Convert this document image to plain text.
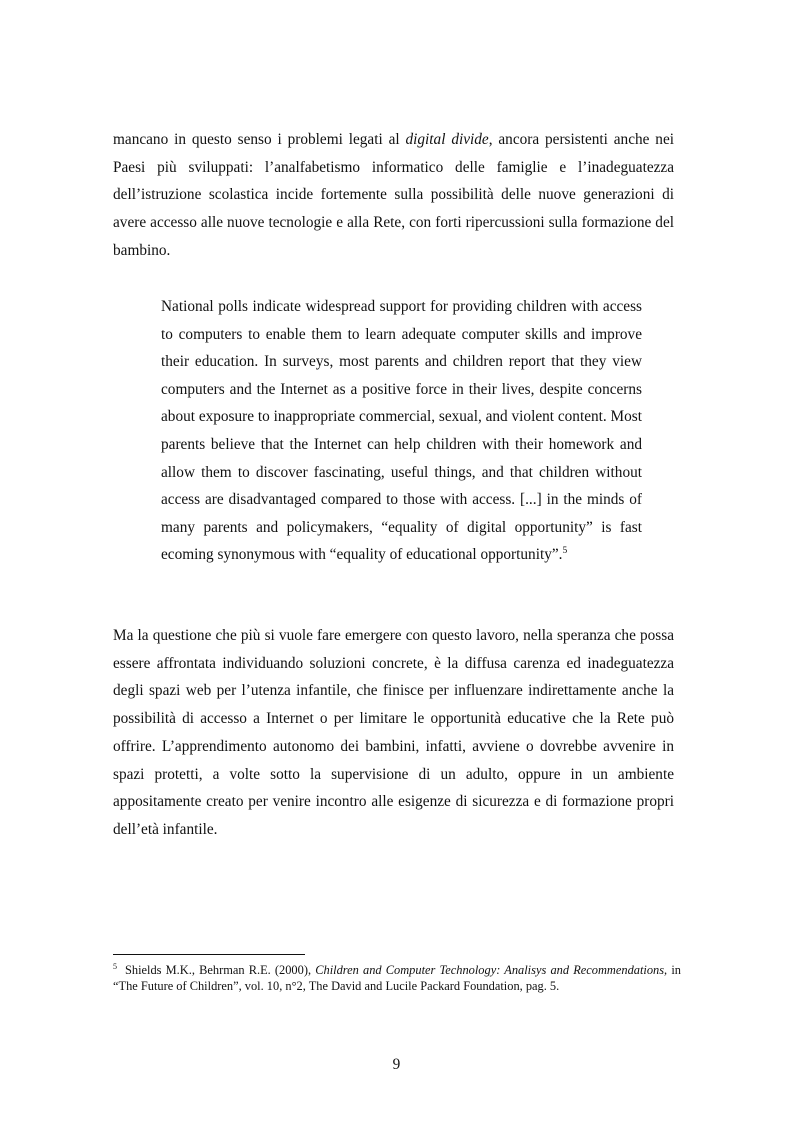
mancano in questo senso i problemi legati al digital divide, ancora persistenti anche nei Paesi più sviluppati: l’analfabetismo informatico delle famiglie e l’inadeguatezza dell’istruzione scolastica incide fortemente sulla possibilità delle nuove generazioni di avere accesso alle nuove tecnologie e alla Rete, con forti ripercussioni sulla formazione del bambino.

National polls indicate widespread support for providing children with access to computers to enable them to learn adequate computer skills and improve their education. In surveys, most parents and children report that they view computers and the Internet as a positive force in their lives, despite concerns about exposure to inappropriate commercial, sexual, and violent content. Most parents believe that the Internet can help children with their homework and allow them to discover fascinating, useful things, and that children without access are disadvantaged compared to those with access. [...] in the minds of many parents and policymakers, “equality of digital opportunity” is fast ecoming synonymous with “equality of educational opportunity”.$^5$

Ma la questione che più si vuole fare emergere con questo lavoro, nella speranza che possa essere affrontata individuando soluzioni concrete, è la diffusa carenza ed inadeguatezza degli spazi web per l’utenza infantile, che finisce per influenzare indirettamente anche la possibilità di accesso a Internet o per limitare le opportunità educative che la Rete può offrire. L’apprendimento autonomo dei bambini, infatti, avviene o dovrebbe avvenire in spazi protetti, a volte sotto la supervisione di un adulto, oppure in un ambiente appositamente creato per venire incontro alle esigenze di sicurezza e di formazione propri dell’età infantile.

$^5$ Shields M.K., Behrman R.E. (2000), Children and Computer Technology: Analisys and Recommendations, in “The Future of Children”, vol. 10, n°2, The David and Lucile Packard Foundation, pag. 5.

9
